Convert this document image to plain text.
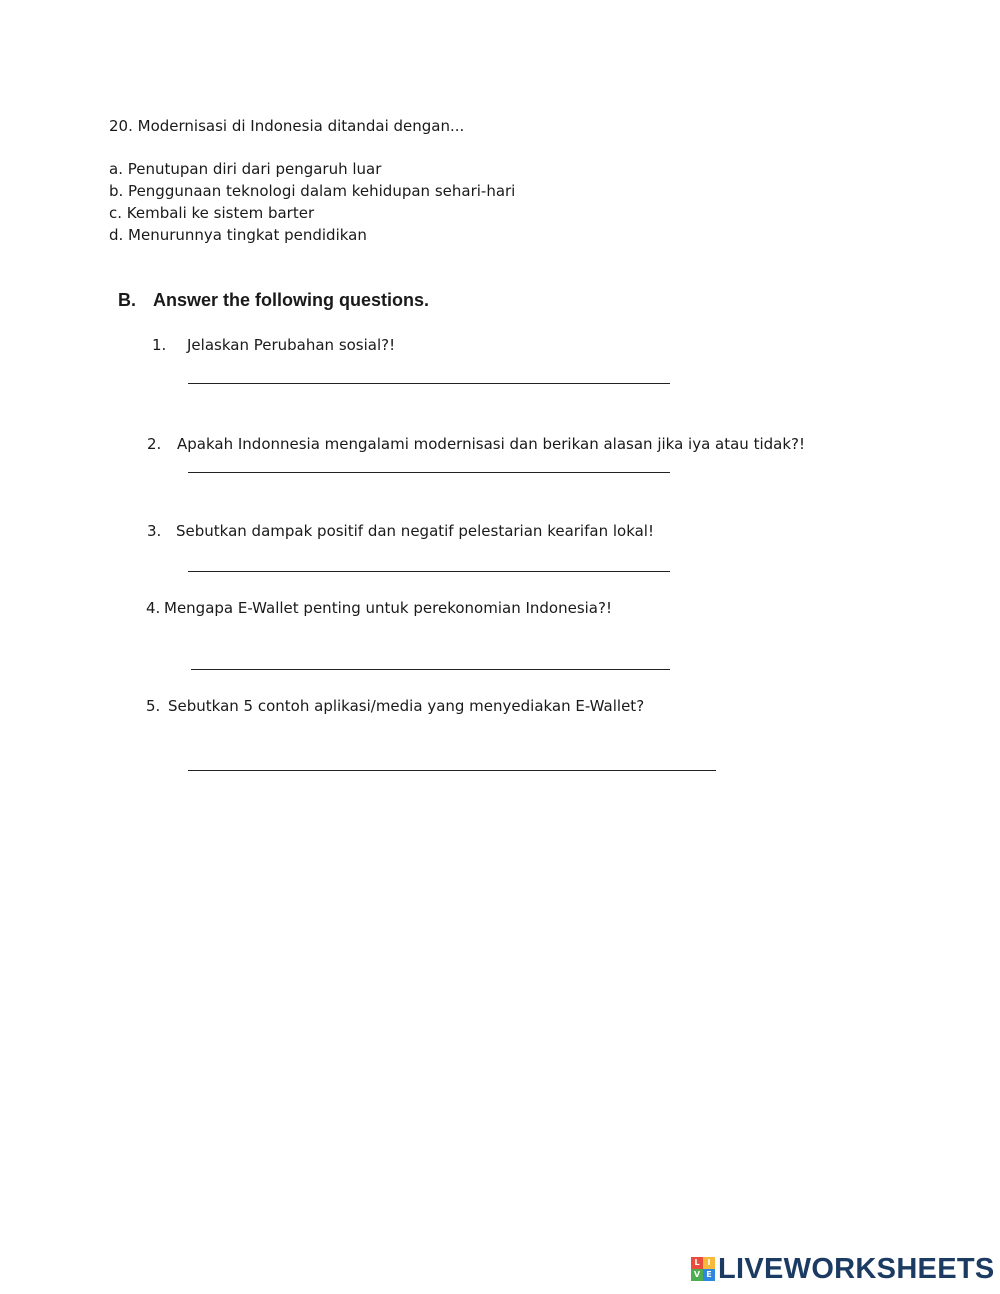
20. Modernisasi di Indonesia ditandai dengan...
a. Penutupan diri dari pengaruh luar
b. Penggunaan teknologi dalam kehidupan sehari-hari
c. Kembali ke sistem barter
d. Menurunnya tingkat pendidikan
B. Answer the following questions.
1. Jelaskan Perubahan sosial?!
2. Apakah Indonnesia mengalami modernisasi dan berikan alasan jika iya atau tidak?!
3. Sebutkan dampak positif dan negatif pelestarian kearifan lokal!
4. Mengapa E-Wallet penting untuk perekonomian Indonesia?!
5. Sebutkan 5 contoh aplikasi/media yang menyediakan E-Wallet?
L I
V E LIVEWORKSHEETS
